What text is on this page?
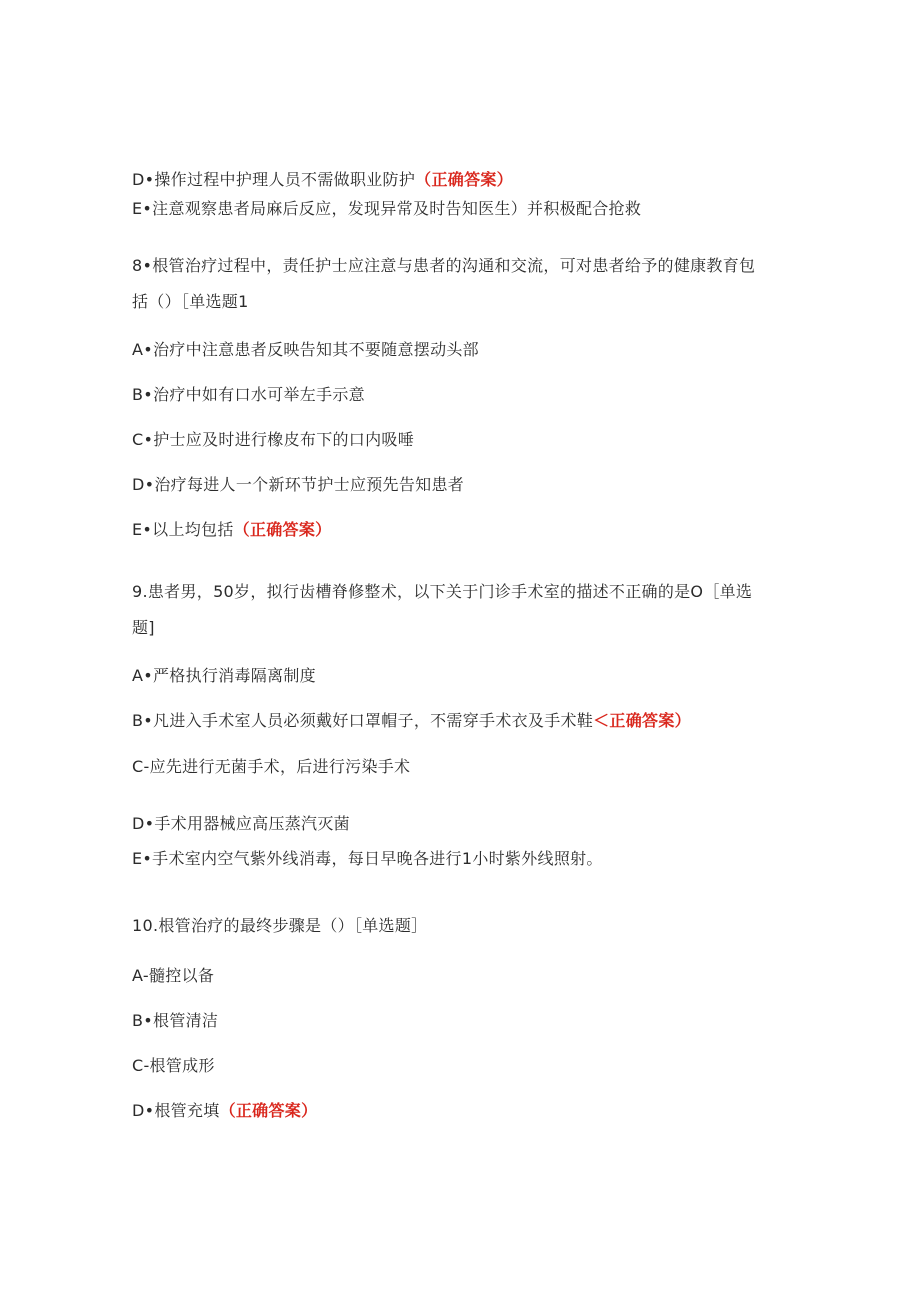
D•操作过程中护理人员不需做职业防护（正确答案）
E•注意观察患者局麻后反应，发现异常及时告知医生）并积极配合抢救
8•根管治疗过程中，责任护士应注意与患者的沟通和交流，可对患者给予的健康教育包
括（）［单选题1
A•治疗中注意患者反映告知其不要随意摆动头部
B•治疗中如有口水可举左手示意
C•护士应及时进行橡皮布下的口内吸唾
D•治疗每进人一个新环节护士应预先告知患者
E•以上均包括（正确答案）
9.患者男，50岁，拟行齿槽脊修整术，以下关于门诊手术室的描述不正确的是O［单选
题]
A•严格执行消毒隔离制度
B•凡进入手术室人员必须戴好口罩帽子，不需穿手术衣及手术鞋＜正确答案）
C-应先进行无菌手术，后进行污染手术
D•手术用器械应高压蒸汽灭菌
E•手术室内空气紫外线消毒，每日早晚各进行1小时紫外线照射。
10.根管治疗的最终步骤是（）［单选题］
A-髓控以备
B•根管清洁
C-根管成形
D•根管充填（正确答案）
